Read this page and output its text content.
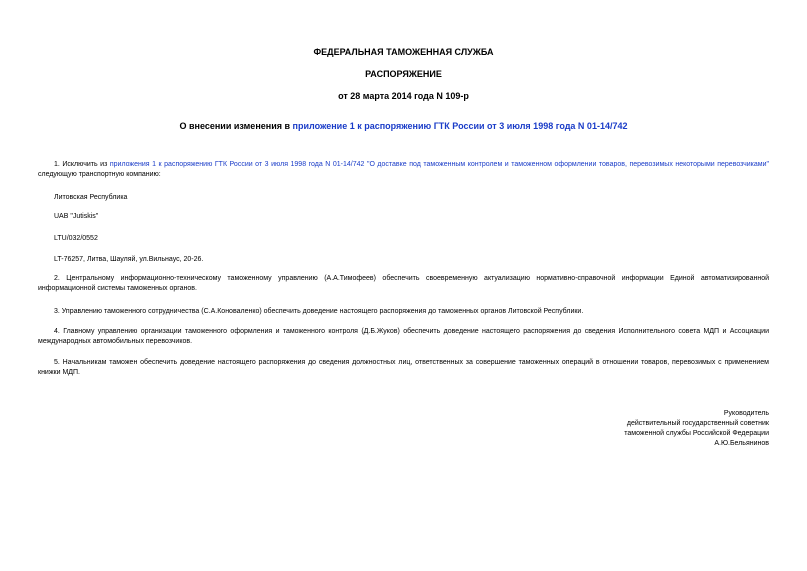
ФЕДЕРАЛЬНАЯ ТАМОЖЕННАЯ СЛУЖБА

РАСПОРЯЖЕНИЕ

от 28 марта 2014 года N 109-р

О внесении изменения в приложение 1 к распоряжению ГТК России от 3 июля 1998 года N 01-14/742

1. Исключить из приложения 1 к распоряжению ГТК России от 3 июля 1998 года N 01-14/742 "О доставке под таможенным контролем и таможенном оформлении товаров, перевозимых некоторыми перевозчиками" следующую транспортную компанию:

Литовская Республика

UAB "Jutiskis"

LTU/032/0552

LT-76257, Литва, Шауляй, ул.Вильнаус, 20-26.

2. Центральному информационно-техническому таможенному управлению (А.А.Тимофеев) обеспечить своевременную актуализацию нормативно-справочной информации Единой автоматизированной информационной системы таможенных органов.

3. Управлению таможенного сотрудничества (С.А.Коноваленко) обеспечить доведение настоящего распоряжения до таможенных органов Литовской Республики.

4. Главному управлению организации таможенного оформления и таможенного контроля (Д.Б.Жуков) обеспечить доведение настоящего распоряжения до сведения Исполнительного совета МДП и Ассоциации международных автомобильных перевозчиков.

5. Начальникам таможен обеспечить доведение настоящего распоряжения до сведения должностных лиц, ответственных за совершение таможенных операций в отношении товаров, перевозимых с применением книжки МДП.

Руководитель
действительный государственный советник
таможенной службы Российской Федерации
А.Ю.Бельянинов
